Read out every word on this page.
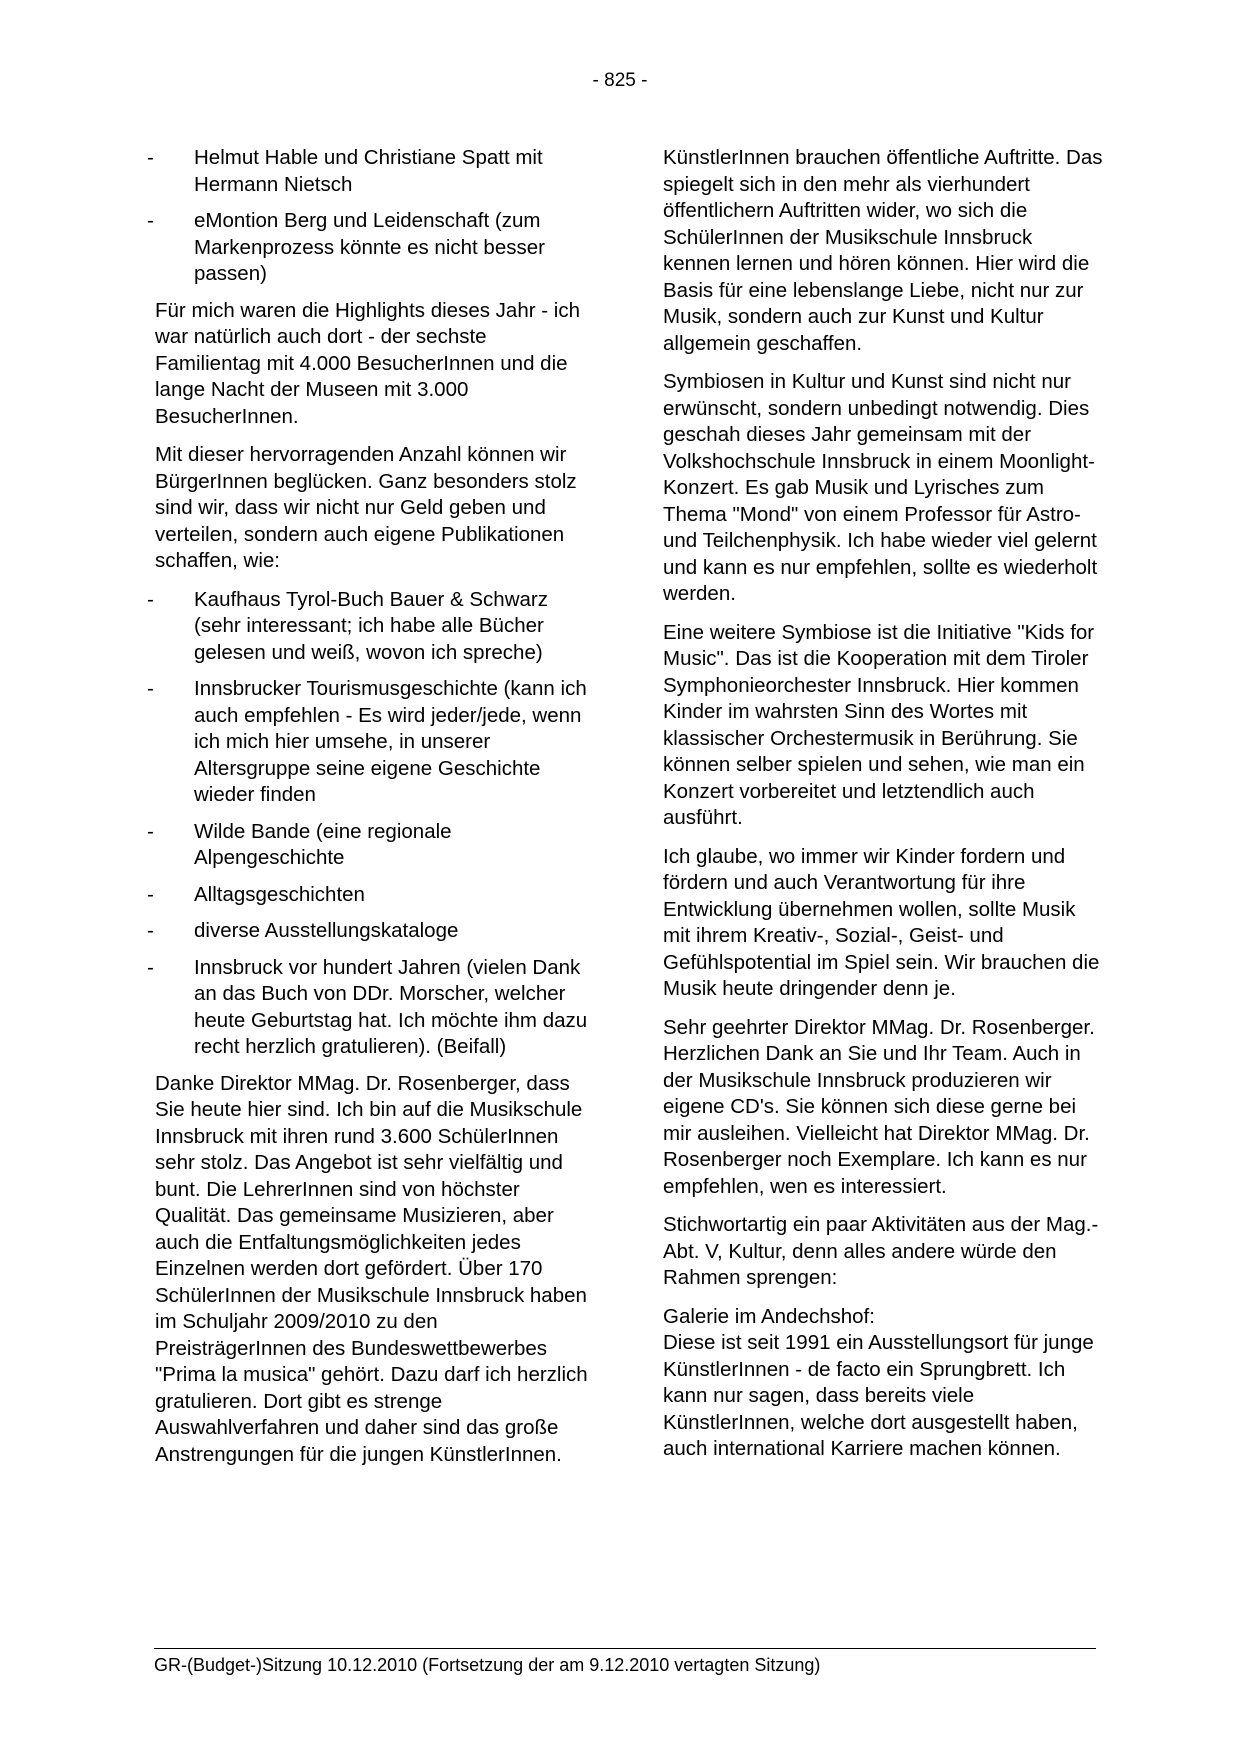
- 825 -
- Helmut Hable und Christiane Spatt mit Hermann Nietsch
- eMontion Berg und Leidenschaft (zum Markenprozess könnte es nicht besser passen)

Für mich waren die Highlights dieses Jahr - ich war natürlich auch dort - der sechste Familientag mit 4.000 BesucherInnen und die lange Nacht der Museen mit 3.000 BesucherInnen.

Mit dieser hervorragenden Anzahl können wir BürgerInnen beglücken. Ganz besonders stolz sind wir, dass wir nicht nur Geld geben und verteilen, sondern auch eigene Publikationen schaffen, wie:

- Kaufhaus Tyrol-Buch Bauer & Schwarz (sehr interessant; ich habe alle Bücher gelesen und weiß, wovon ich spreche)
- Innsbrucker Tourismusgeschichte (kann ich auch empfehlen - Es wird jeder/jede, wenn ich mich hier umsehe, in unserer Altersgruppe seine eigene Geschichte wieder finden
- Wilde Bande (eine regionale Alpengeschichte
- Alltagsgeschichten
- diverse Ausstellungskataloge
- Innsbruck vor hundert Jahren (vielen Dank an das Buch von DDr. Morscher, welcher heute Geburtstag hat. Ich möchte ihm dazu recht herzlich gratulieren). (Beifall)

Danke Direktor MMag. Dr. Rosenberger, dass Sie heute hier sind. Ich bin auf die Musikschule Innsbruck mit ihren rund 3.600 SchülerInnen sehr stolz. Das Angebot ist sehr vielfältig und bunt. Die LehrerInnen sind von höchster Qualität. Das gemeinsame Musizieren, aber auch die Entfaltungsmöglichkeiten jedes Einzelnen werden dort gefördert. Über 170 SchülerInnen der Musikschule Innsbruck haben im Schuljahr 2009/2010 zu den PreisträgerInnen des Bundeswettbewerbes "Prima la musica" gehört. Dazu darf ich herzlich gratulieren. Dort gibt es strenge Auswahlverfahren und daher sind das große Anstrengungen für die jungen KünstlerInnen.

KünstlerInnen brauchen öffentliche Auftritte. Das spiegelt sich in den mehr als vierhundert öffentlichern Auftritten wider, wo sich die SchülerInnen der Musikschule Innsbruck kennen lernen und hören können. Hier wird die Basis für eine lebenslange Liebe, nicht nur zur Musik, sondern auch zur Kunst und Kultur allgemein geschaffen.

Symbiosen in Kultur und Kunst sind nicht nur erwünscht, sondern unbedingt notwendig. Dies geschah dieses Jahr gemeinsam mit der Volkshochschule Innsbruck in einem Moonlight-Konzert. Es gab Musik und Lyrisches zum Thema "Mond" von einem Professor für Astro- und Teilchenphysik. Ich habe wieder viel gelernt und kann es nur empfehlen, sollte es wiederholt werden.

Eine weitere Symbiose ist die Initiative "Kids for Music". Das ist die Kooperation mit dem Tiroler Symphonieorchester Innsbruck. Hier kommen Kinder im wahrsten Sinn des Wortes mit klassischer Orchestermusik in Berührung. Sie können selber spielen und sehen, wie man ein Konzert vorbereitet und letztendlich auch ausführt.

Ich glaube, wo immer wir Kinder fordern und fördern und auch Verantwortung für ihre Entwicklung übernehmen wollen, sollte Musik mit ihrem Kreativ-, Sozial-, Geist- und Gefühlspotential im Spiel sein. Wir brauchen die Musik heute dringender denn je.

Sehr geehrter Direktor MMag. Dr. Rosenberger. Herzlichen Dank an Sie und Ihr Team. Auch in der Musikschule Innsbruck produzieren wir eigene CD's. Sie können sich diese gerne bei mir ausleihen. Vielleicht hat Direktor MMag. Dr. Rosenberger noch Exemplare. Ich kann es nur empfehlen, wen es interessiert.

Stichwortartig ein paar Aktivitäten aus der Mag.-Abt. V, Kultur, denn alles andere würde den Rahmen sprengen:

Galerie im Andechshof:
Diese ist seit 1991 ein Ausstellungsort für junge KünstlerInnen - de facto ein Sprungbrett. Ich kann nur sagen, dass bereits viele KünstlerInnen, welche dort ausgestellt haben, auch international Karriere machen können.

GR-(Budget-)Sitzung 10.12.2010 (Fortsetzung der am 9.12.2010 vertagten Sitzung)
